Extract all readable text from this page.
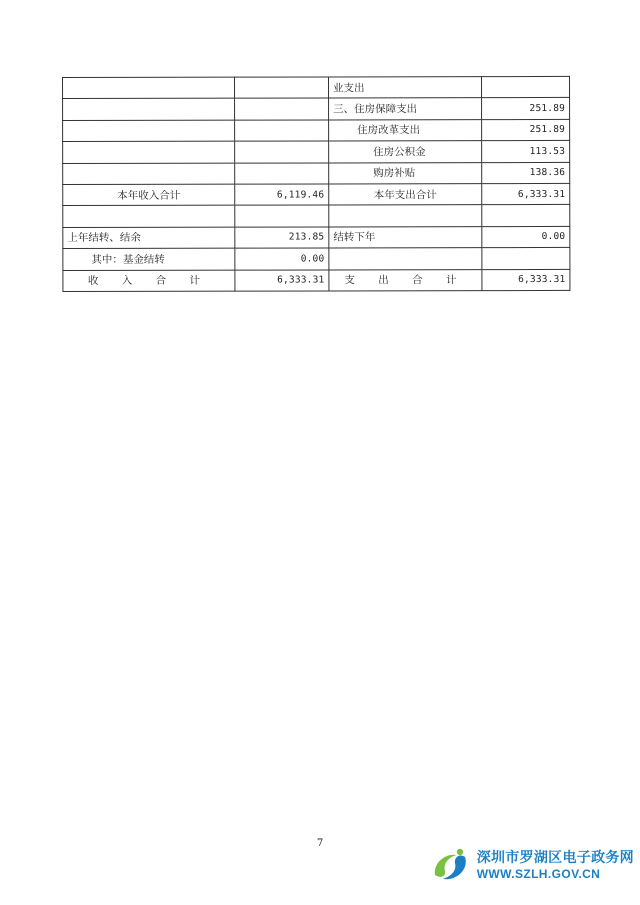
		业支出	
		三、住房保障支出	251.89
		住房改革支出	251.89
		住房公积金	113.53
		购房补贴	138.36
本年收入合计	6,119.46	本年支出合计	6,333.31

上年结转、结余	213.85	结转下年	0.00
其中：基金结转	0.00		
收 入 合 计	6,333.31	支 出 合 计	6,333.31
7
深圳市罗湖区电子政务网
WWW.SZLH.GOV.CN
